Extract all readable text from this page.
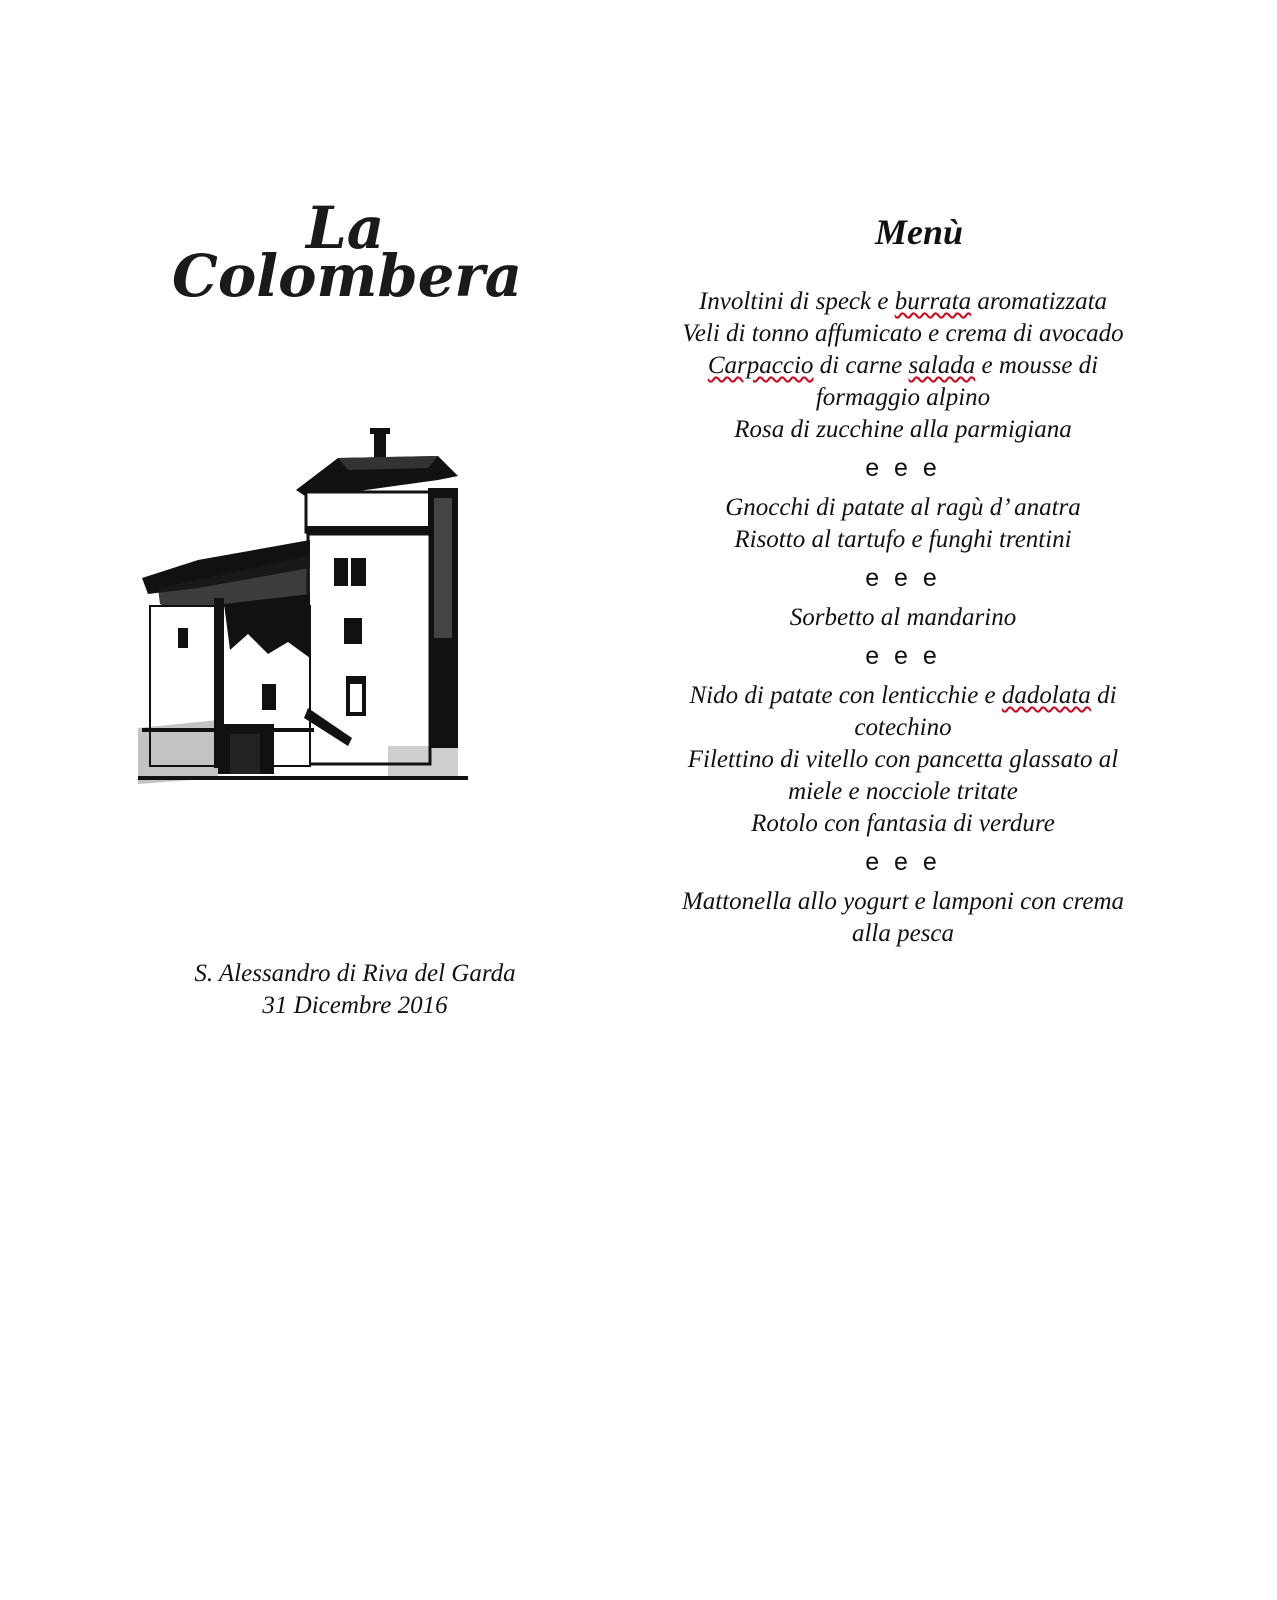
La
Colombera
S. Alessandro di Riva del Garda
31 Dicembre 2016
Menù
Involtini di speck e burrata aromatizzata
Veli di tonno affumicato e crema di avocado
Carpaccio di carne salada e mousse di
formaggio alpino
Rosa di zucchine alla parmigiana
e e e
Gnocchi di patate al ragù d’ anatra
Risotto al tartufo e funghi trentini
e e e
Sorbetto al mandarino
e e e
Nido di patate con lenticchie e dadolata di
cotechino
Filettino di vitello con pancetta glassato al
miele e nocciole tritate
Rotolo con fantasia di verdure
e e e
Mattonella allo yogurt e lamponi con crema
alla pesca
